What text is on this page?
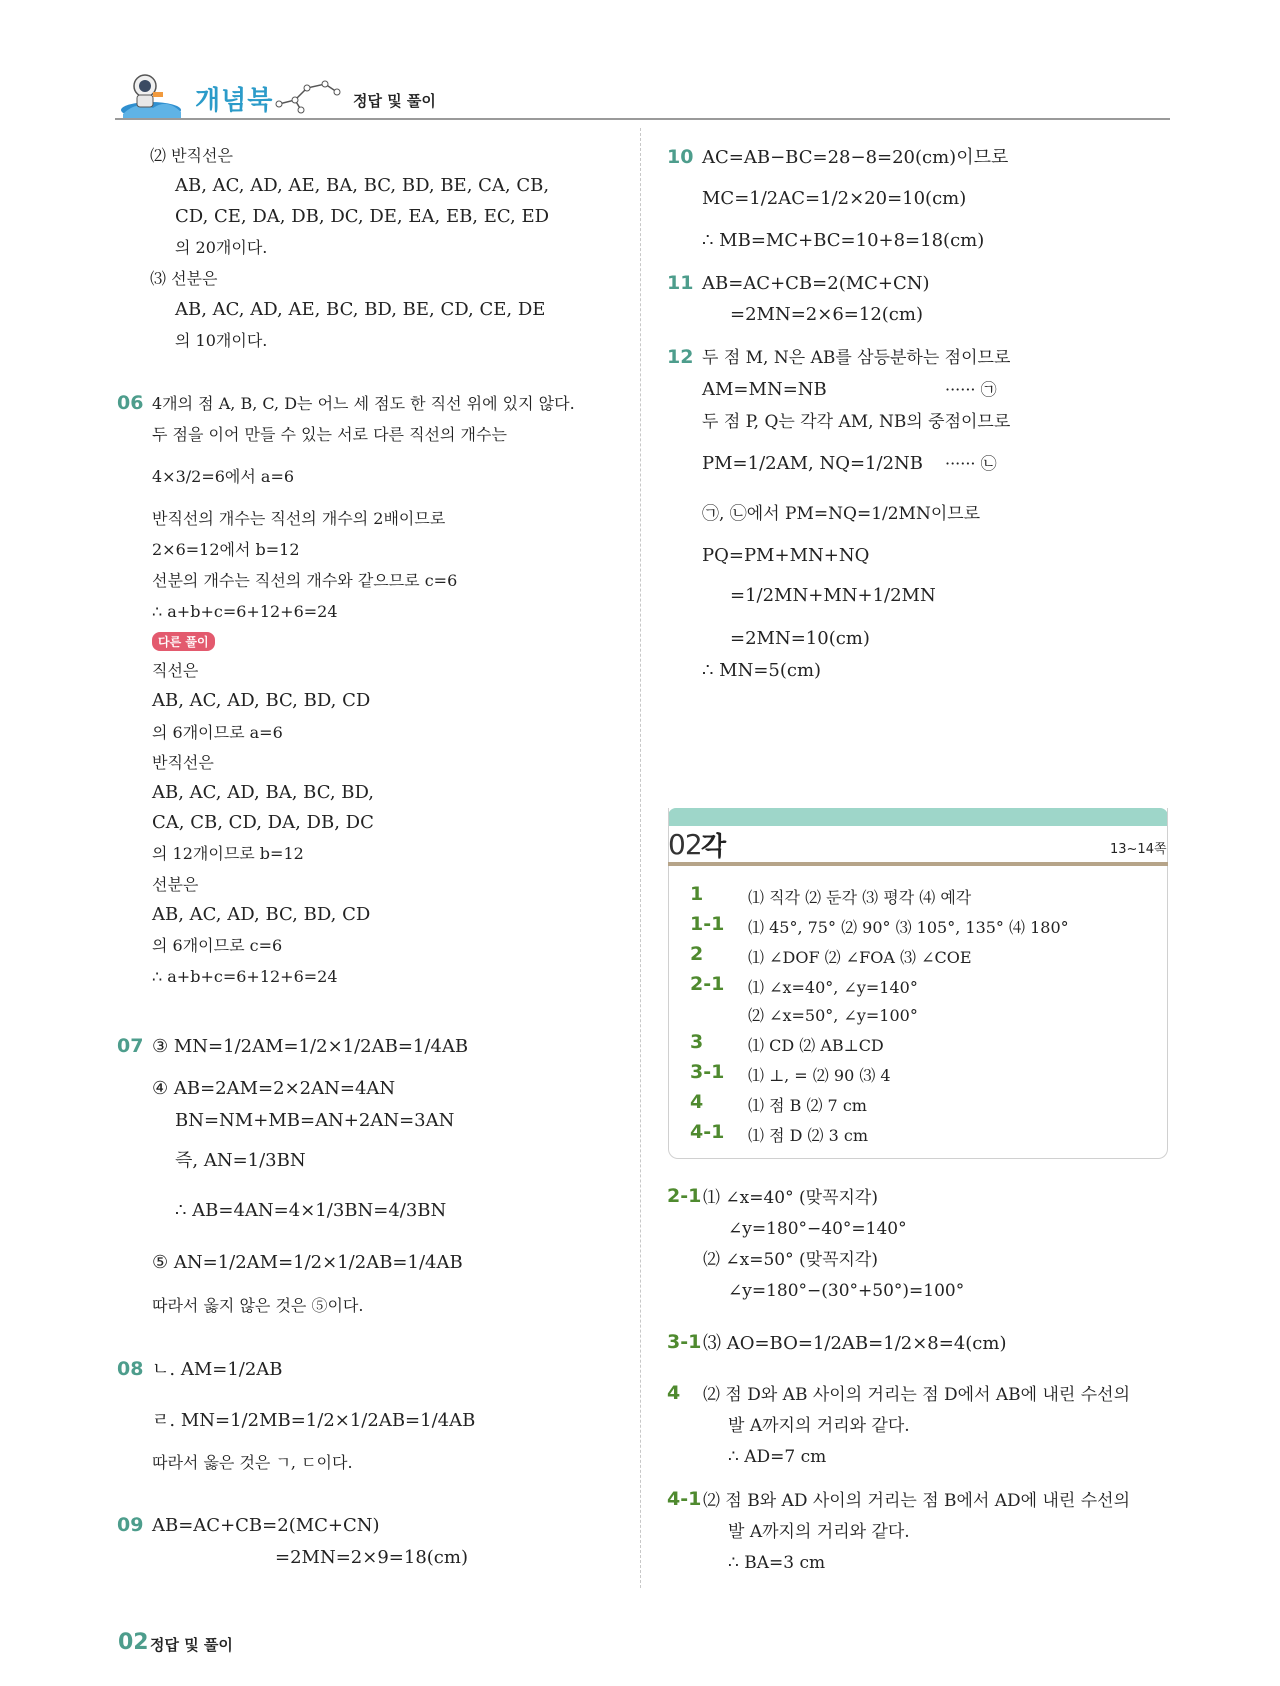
개념북	정답 및 풀이
⑵ 반직선은
AB, AC, AD, AE, BA, BC, BD, BE, CA, CB,
CD, CE, DA, DB, DC, DE, EA, EB, EC, ED
의 20개이다.
⑶ 선분은
AB, AC, AD, AE, BC, BD, BE, CD, CE, DE
의 10개이다.
06 4개의 점 A, B, C, D는 어느 세 점도 한 직선 위에 있지 않다.
두 점을 이어 만들 수 있는 서로 다른 직선의 개수는
4×3/2=6에서 a=6
반직선의 개수는 직선의 개수의 2배이므로
2×6=12에서 b=12
선분의 개수는 직선의 개수와 같으므로 c=6
∴ a+b+c=6+12+6=24
다른 풀이
직선은
AB, AC, AD, BC, BD, CD
의 6개이므로 a=6
반직선은
AB, AC, AD, BA, BC, BD,
CA, CB, CD, DA, DB, DC
의 12개이므로 b=12
선분은
AB, AC, AD, BC, BD, CD
의 6개이므로 c=6
∴ a+b+c=6+12+6=24
07 ③ MN=1/2AM=1/2×1/2AB=1/4AB
④ AB=2AM=2×2AN=4AN
BN=NM+MB=AN+2AN=3AN
즉, AN=1/3BN
∴ AB=4AN=4×1/3BN=4/3BN
⑤ AN=1/2AM=1/2×1/2AB=1/4AB
따라서 옳지 않은 것은 ⑤이다.
08 ㄴ. AM=1/2AB
ㄹ. MN=1/2MB=1/2×1/2AB=1/4AB
따라서 옳은 것은 ㄱ, ㄷ이다.
09 AB=AC+CB=2(MC+CN)
=2MN=2×9=18(cm)
10 AC=AB−BC=28−8=20(cm)이므로
MC=1/2AC=1/2×20=10(cm)
∴ MB=MC+BC=10+8=18(cm)
11 AB=AC+CB=2(MC+CN)
=2MN=2×6=12(cm)
12 두 점 M, N은 AB를 삼등분하는 점이므로
AM=MN=NB	······ ㉠
두 점 P, Q는 각각 AM, NB의 중점이므로
PM=1/2AM, NQ=1/2NB ······ ㉡
㉠, ㉡에서 PM=NQ=1/2MN이므로
PQ=PM+MN+NQ
=1/2MN+MN+1/2MN
=2MN=10(cm)
∴ MN=5(cm)
02 각	13~14쪽
1	⑴ 직각 ⑵ 둔각 ⑶ 평각 ⑷ 예각
1-1 ⑴ 45°, 75° ⑵ 90° ⑶ 105°, 135° ⑷ 180°
2	⑴ ∠DOF ⑵ ∠FOA ⑶ ∠COE
2-1 ⑴ ∠x=40°, ∠y=140°
⑵ ∠x=50°, ∠y=100°
3	⑴ CD ⑵ AB⊥CD
3-1 ⑴ ⊥, = ⑵ 90 ⑶ 4
4	⑴ 점 B ⑵ 7 cm
4-1 ⑴ 점 D ⑵ 3 cm
2-1 ⑴ ∠x=40° (맞꼭지각)
∠y=180°−40°=140°
⑵ ∠x=50° (맞꼭지각)
∠y=180°−(30°+50°)=100°
3-1 ⑶ AO=BO=1/2AB=1/2×8=4(cm)
4 ⑵ 점 D와 AB 사이의 거리는 점 D에서 AB에 내린 수선의
발 A까지의 거리와 같다.
∴ AD=7 cm
4-1 ⑵ 점 B와 AD 사이의 거리는 점 B에서 AD에 내린 수선의
발 A까지의 거리와 같다.
∴ BA=3 cm
02 정답 및 풀이
